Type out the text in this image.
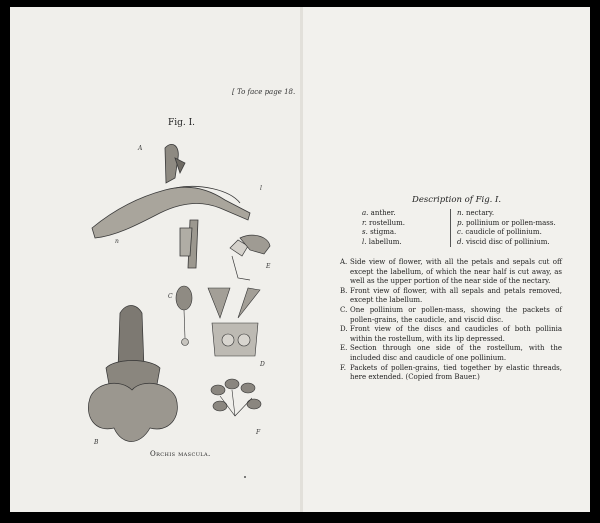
[ To face page 18.
Fig. I.
A
l
n
E
C
D
B
F
Orchis mascula.
Description of Fig. I.
a. anther.
r. rostellum.
s. stigma.
l. labellum.
n. nectary.
p. pollinium or pollen-mass.
c. caudicle of pollinium.
d. viscid disc of pollinium.

A. Side view of flower, with all the petals and sepals cut off except the labellum, of which the near half is cut away, as well as the upper portion of the near side of the nectary.

B. Front view of flower, with all sepals and petals removed, except the labellum.

C. One pollinium or pollen-mass, showing the packets of pollen-grains, the caudicle, and viscid disc.

D. Front view of the discs and caudicles of both pollinia within the rostellum, with its lip depressed.

E. Section through one side of the rostellum, with the included disc and caudicle of one pollinium.

F. Packets of pollen-grains, tied together by elastic threads, here extended. (Copied from Bauer.)
